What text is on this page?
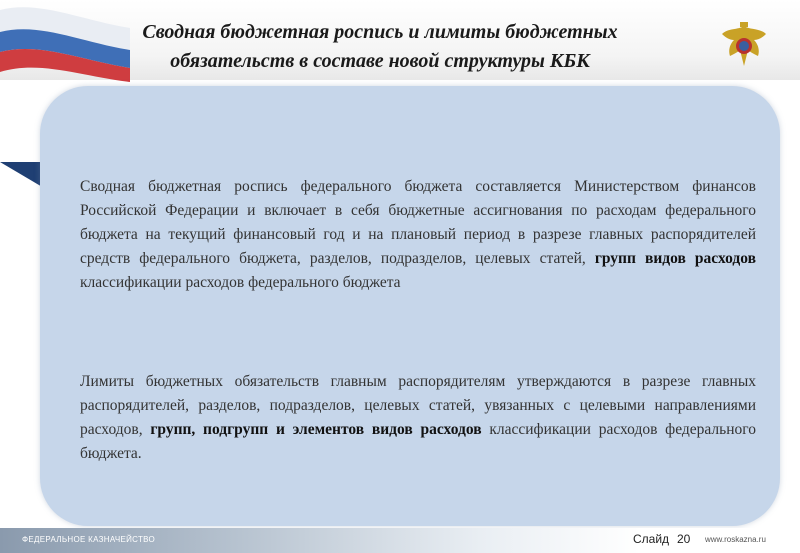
Сводная бюджетная роспись и лимиты бюджетных
обязательств в составе новой структуры КБК
Сводная бюджетная роспись федерального бюджета составляется Министерством финансов Российской Федерации и включает в себя бюджетные ассигнования по расходам федерального бюджета на текущий финансовый год и на плановый период в разрезе главных распорядителей средств федерального бюджета, разделов, подразделов, целевых статей, групп видов расходов классификации расходов федерального бюджета
Лимиты бюджетных обязательств главным распорядителям утверждаются в разрезе главных распорядителей, разделов, подразделов, целевых статей, увязанных с целевыми направлениями расходов, групп, подгрупп и элементов видов расходов классификации расходов федерального бюджета.
ФЕДЕРАЛЬНОЕ КАЗНАЧЕЙСТВО	Слайд 20 www.roskazna.ru
